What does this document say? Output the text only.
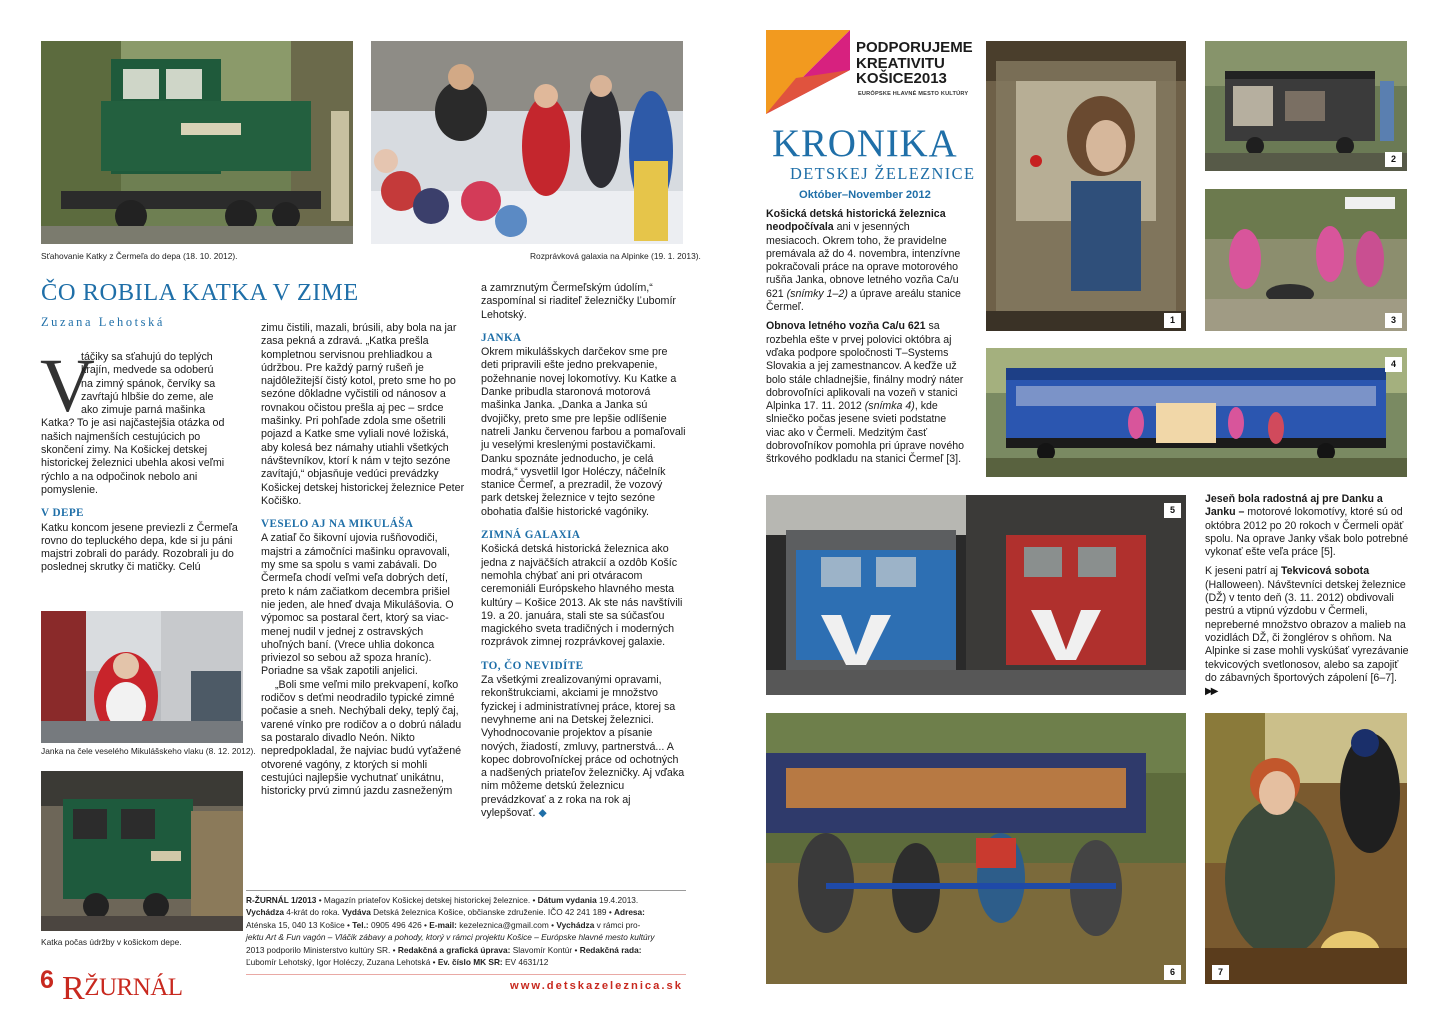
Sťahovanie Katky z Čermeľa do depa (18. 10. 2012).	Rozprávková galaxia na Alpinke (19. 1. 2013).
ČO ROBILA KATKA V ZIME
Zuzana Lehotská
V
táčiky sa sťahujú do teplých
krajín, medvede sa odoberú
na zimný spánok, červíky sa
zavŕtajú hlbšie do zeme, ale
ako zimuje parná mašinka

Katka? To je asi najčastejšia otázka od našich najmenších cestujúcich po skončení zimy. Na Košickej detskej historickej železnici ubehla akosi veľmi rýchlo a na odpočinok nebolo ani pomyslenie.

V DEPE

Katku koncom jesene previezli z Čermeľa rovno do tepluckého depa, kde si ju páni majstri zobrali do parády. Rozobrali ju do poslednej skrutky či matičky. Celú

Janka na čele veselého Mikulášskeho vlaku (8. 12. 2012).
Katka počas údržby v košickom depe.

zimu čistili, mazali, brúsili, aby bola na jar zasa pekná a zdravá. „Katka prešla kompletnou servisnou prehliadkou a údržbou. Pre každý parný rušeň je najdôležitejší čistý kotol, preto sme ho po sezóne dôkladne vyčistili od nánosov a rovnakou očistou prešla aj pec – srdce mašinky. Pri pohľade zdola sme ošetrili pojazd a Katke sme vyliali nové ložiská, aby kolesá bez námahy utiahli všetkých návštevníkov, ktorí k nám v tejto sezóne zavítajú,“ objasňuje vedúci prevádzky Košickej detskej historickej železnice Peter Kočiško.

VESELO AJ NA MIKULÁŠA

A zatiaľ čo šikovní ujovia rušňovodiči, majstri a zámočníci mašinku opravovali, my sme sa spolu s vami zabávali. Do Čermeľa chodí veľmi veľa dobrých detí, preto k nám začiatkom decembra prišiel nie jeden, ale hneď dvaja Mikulášovia. O výpomoc sa postaral čert, ktorý sa viac-menej nudil v jednej z ostravských uhoľných baní. (Vrece uhlia dokonca priviezol so sebou až spoza hraníc). Poriadne sa však zapotili anjelici.

„Boli sme veľmi milo prekvapení, koľko rodičov s deťmi neodradilo typické zimné počasie a sneh. Nechýbali deky, teplý čaj, varené vínko pre rodičov a o dobrú náladu sa postaralo divadlo Neón. Nikto nepredpokladal, že najviac budú vyťažené otvorené vagóny, z ktorých si mohli cestujúci najlepšie vychutnať unikátnu, historicky prvú zimnú jazdu zasneženým

a zamrznutým Čermeľským údolím,“ zaspomínal si riaditeľ železničky Ľubomír Lehotský.

JANKA

Okrem mikulášskych darčekov sme pre deti pripravili ešte jedno prekvapenie, požehnanie novej lokomotívy. Ku Katke a Danke pribudla staronová motorová mašinka Janka. „Danka a Janka sú dvojičky, preto sme pre lepšie odlíšenie natreli Janku červenou farbou a pomaľovali ju veselými kreslenými postavičkami. Danku spoznáte jednoducho, je celá modrá,“ vysvetlil Igor Holéczy, náčelník stanice Čermeľ, a prezradil, že vozový park detskej železnice v tejto sezóne obohatia ďalšie historické vagóniky.

ZIMNÁ GALAXIA

Košická detská historická železnica ako jedna z najväčších atrakcií a ozdôb Košíc nemohla chýbať ani pri otváracom ceremoniáli Európskeho hlavného mesta kultúry – Košice 2013. Ak ste nás navštívili 19. a 20. januára, stali ste sa súčasťou magického sveta tradičných i moderných rozprávok zimnej rozprávkovej galaxie.

TO, ČO NEVIDÍTE

Za všetkými zrealizovanými opravami, rekonštrukciami, akciami je množstvo fyzickej i administratívnej práce, ktorej sa nevyhneme ani na Detskej železnici. Vyhodnocovanie projektov a písanie nových, žiadostí, zmluvy, partnerstvá... A kopec dobrovoľníckej práce od ochotných a nadšených priateľov železničky. Aj vďaka nim môžeme detskú železnicu prevádzkovať a z roka na rok aj vylepšovať. ◆

R-ŽURNÁL 1/2013 • Magazín priateľov Košickej detskej historickej železnice. • Dátum vydania 19.4.2013.
Vychádza 4-krát do roka. Vydáva Detská železnica Košice, občianske združenie. IČO 42 241 189 • Adresa:
Aténska 15, 040 13 Košice • Tel.: 0905 496 426 • E-mail: kezeleznica@gmail.com • Vychádza v rámci pro-
jektu Art & Fun vagón – Vláčik zábavy a pohody, ktorý v rámci projektu Košice – Európske hlavné mesto kultúry
2013 podporilo Ministerstvo kultúry SR. • Redakčná a grafická úprava: Slavomír Kontúr • Redakčná rada:
Ľubomír Lehotský, Igor Holéczy, Zuzana Lehotská • Ev. číslo MK SR: EV 4631/12
6 RŽURNÁL	www.detskazeleznica.sk
PODPORUJEME
KREATIVITU
KOŠICE2013
EURÓPSKE HLAVNÉ MESTO KULTÚRY
KRONIKA
DETSKEJ ŽELEZNICE
Október–November 2012

Košická detská historická železnica neodpočívala ani v jesenných mesiacoch. Okrem toho, že pravidelne premávala až do 4. novembra, intenzívne pokračovali práce na oprave motorového rušňa Janka, obnove letného vozňa Ca/u 621 (snímky 1–2) a úprave areálu stanice Čermeľ.

Obnova letného vozňa Ca/u 621 sa rozbehla ešte v prvej polovici októbra aj vďaka podpore spoločnosti T–Systems Slovakia a jej zamestnancov. A keďže už bolo stále chladnejšie, finálny modrý náter dobrovoľníci aplikovali na vozeň v stanici Alpinka 17. 11. 2012 (snímka 4), kde slniečko počas jesene svieti podstatne viac ako v Čermeli. Medzitým časť dobrovoľníkov pomohla pri úprave nového štrkového podkladu na stanici Čermeľ [3].

1
2
3
4
5

Jeseň bola radostná aj pre Danku a Janku – motorové lokomotívy, ktoré sú od októbra 2012 po 20 rokoch v Čermeli opäť spolu. Na oprave Janky však bolo potrebné vykonať ešte veľa práce [5].

K jeseni patrí aj Tekvicová sobota (Halloween). Návštevníci detskej železnice (DŽ) v tento deň (3. 11. 2012) obdivovali pestrú a vtipnú výzdobu v Čermeli, nepreberné množstvo obrazov a malieb na vozidlách DŽ, či žonglérov s ohňom. Na Alpinke si zase mohli vyskúšať vyrezávanie tekvicových svetlonosov, alebo sa zapojiť do zábavných športových zápolení [6–7]. ▶▶

6	7
